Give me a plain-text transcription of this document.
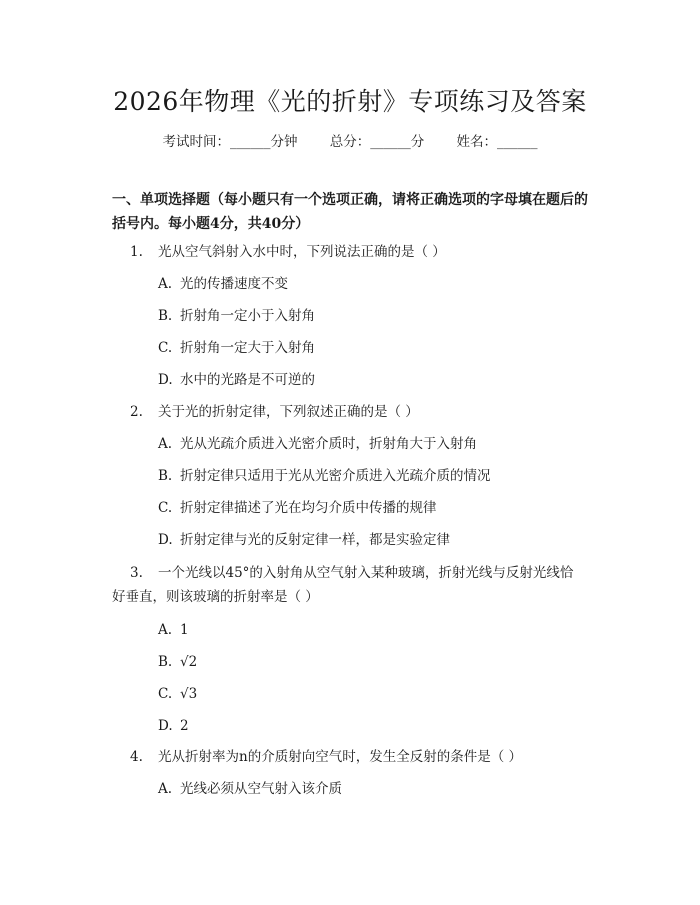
2026年物理《光的折射》专项练习及答案
考试时间：______分钟 总分：______分 姓名：______

一、单项选择题（每小题只有一个选项正确，请将正确选项的字母填在题后的括号内。每小题4分，共40分）

1. 光从空气斜射入水中时，下列说法正确的是（ ）
A. 光的传播速度不变
B. 折射角一定小于入射角
C. 折射角一定大于入射角
D. 水中的光路是不可逆的
2. 关于光的折射定律，下列叙述正确的是（ ）
A. 光从光疏介质进入光密介质时，折射角大于入射角
B. 折射定律只适用于光从光密介质进入光疏介质的情况
C. 折射定律描述了光在均匀介质中传播的规律
D. 折射定律与光的反射定律一样，都是实验定律
3. 一个光线以45°的入射角从空气射入某种玻璃，折射光线与反射光线恰
好垂直，则该玻璃的折射率是（ ）
A. 1
B. √2
C. √3
D. 2
4. 光从折射率为n的介质射向空气时，发生全反射的条件是（ ）
A. 光线必须从空气射入该介质
